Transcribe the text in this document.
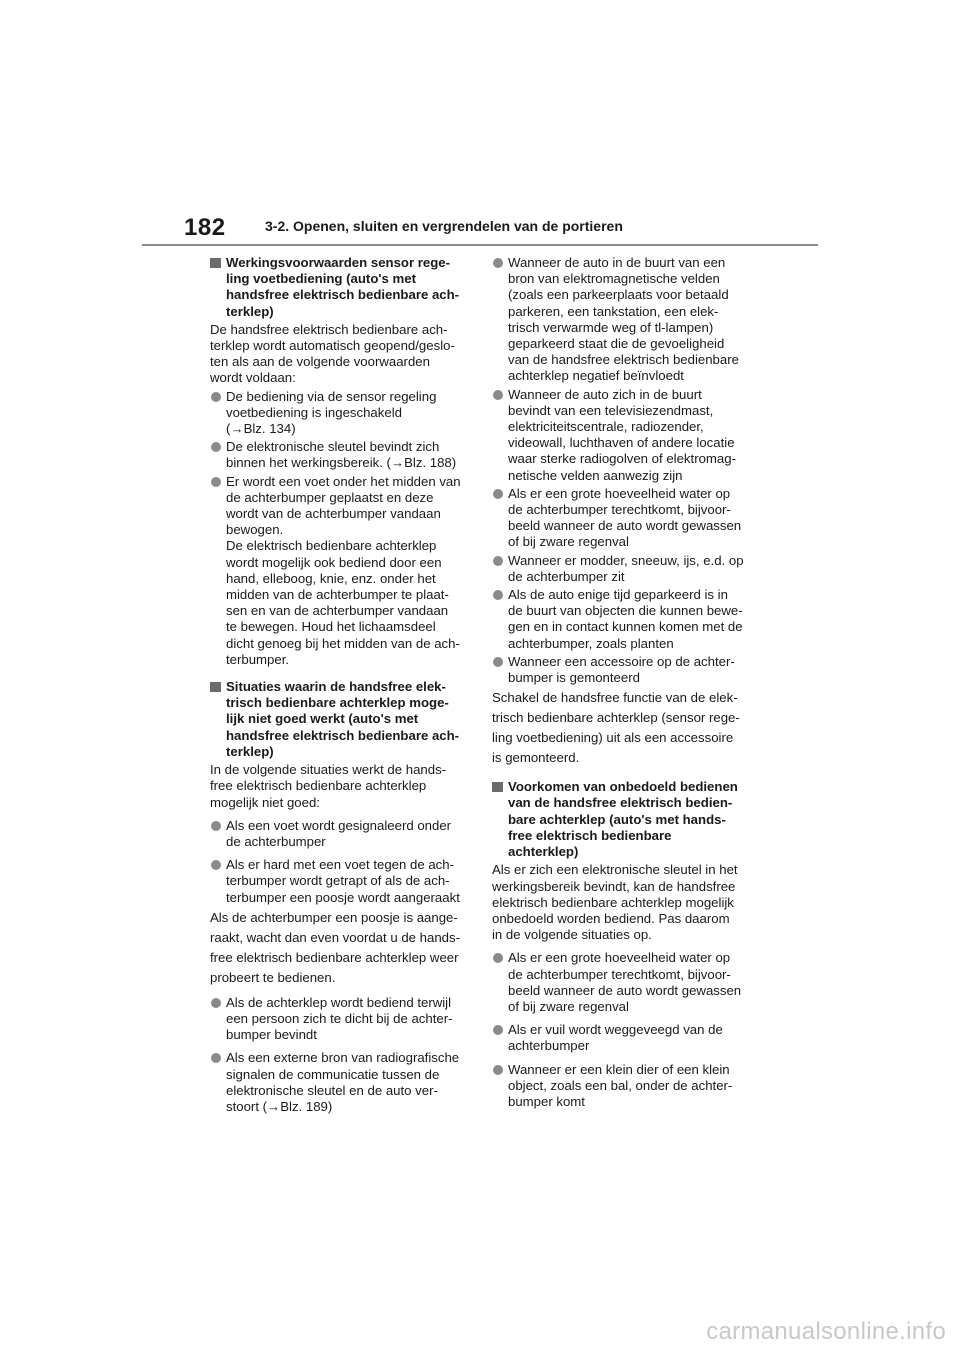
182	3-2. Openen, sluiten en vergrendelen van de portieren
Werkingsvoorwaarden sensor rege-
ling voetbediening (auto's met
handsfree elektrisch bedienbare ach-
terklep)
De handsfree elektrisch bedienbare ach-
terklep wordt automatisch geopend/geslo-
ten als aan de volgende voorwaarden
wordt voldaan:
De bediening via de sensor regeling
voetbediening is ingeschakeld
(→Blz. 134)
De elektronische sleutel bevindt zich
binnen het werkingsbereik. (→Blz. 188)
Er wordt een voet onder het midden van
de achterbumper geplaatst en deze
wordt van de achterbumper vandaan
bewogen.
De elektrisch bedienbare achterklep
wordt mogelijk ook bediend door een
hand, elleboog, knie, enz. onder het
midden van de achterbumper te plaat-
sen en van de achterbumper vandaan
te bewegen. Houd het lichaamsdeel
dicht genoeg bij het midden van de ach-
terbumper.
Situaties waarin de handsfree elek-
trisch bedienbare achterklep moge-
lijk niet goed werkt (auto's met
handsfree elektrisch bedienbare ach-
terklep)
In de volgende situaties werkt de hands-
free elektrisch bedienbare achterklep
mogelijk niet goed:
Als een voet wordt gesignaleerd onder
de achterbumper
Als er hard met een voet tegen de ach-
terbumper wordt getrapt of als de ach-
terbumper een poosje wordt aangeraakt
Als de achterbumper een poosje is aange-
raakt, wacht dan even voordat u de hands-
free elektrisch bedienbare achterklep weer
probeert te bedienen.
Als de achterklep wordt bediend terwijl
een persoon zich te dicht bij de achter-
bumper bevindt
Als een externe bron van radiografische
signalen de communicatie tussen de
elektronische sleutel en de auto ver-
stoort (→Blz. 189)
Wanneer de auto in de buurt van een
bron van elektromagnetische velden
(zoals een parkeerplaats voor betaald
parkeren, een tankstation, een elek-
trisch verwarmde weg of tl-lampen)
geparkeerd staat die de gevoeligheid
van de handsfree elektrisch bedienbare
achterklep negatief beïnvloedt
Wanneer de auto zich in de buurt
bevindt van een televisiezendmast,
elektriciteitscentrale, radiozender,
videowall, luchthaven of andere locatie
waar sterke radiogolven of elektromag-
netische velden aanwezig zijn
Als er een grote hoeveelheid water op
de achterbumper terechtkomt, bijvoor-
beeld wanneer de auto wordt gewassen
of bij zware regenval
Wanneer er modder, sneeuw, ijs, e.d. op
de achterbumper zit
Als de auto enige tijd geparkeerd is in
de buurt van objecten die kunnen bewe-
gen en in contact kunnen komen met de
achterbumper, zoals planten
Wanneer een accessoire op de achter-
bumper is gemonteerd
Schakel de handsfree functie van de elek-
trisch bedienbare achterklep (sensor rege-
ling voetbediening) uit als een accessoire
is gemonteerd.
Voorkomen van onbedoeld bedienen
van de handsfree elektrisch bedien-
bare achterklep (auto's met hands-
free elektrisch bedienbare
achterklep)
Als er zich een elektronische sleutel in het
werkingsbereik bevindt, kan de handsfree
elektrisch bedienbare achterklep mogelijk
onbedoeld worden bediend. Pas daarom
in de volgende situaties op.
Als er een grote hoeveelheid water op
de achterbumper terechtkomt, bijvoor-
beeld wanneer de auto wordt gewassen
of bij zware regenval
Als er vuil wordt weggeveegd van de
achterbumper
Wanneer er een klein dier of een klein
object, zoals een bal, onder de achter-
bumper komt
carmanualsonline.info
